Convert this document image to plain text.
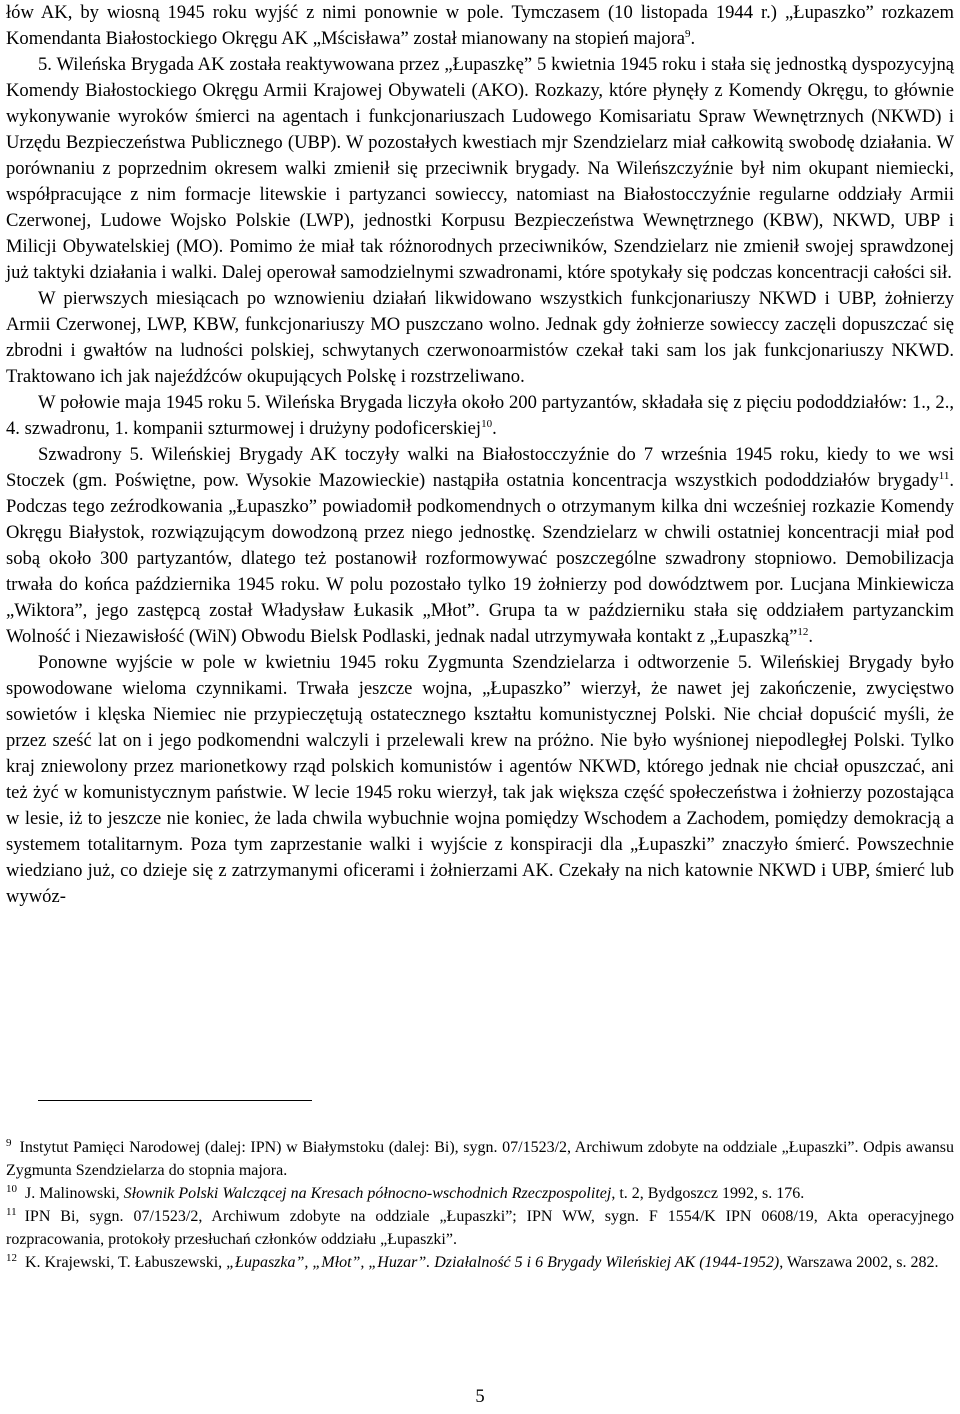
łów AK, by wiosną 1945 roku wyjść z nimi ponownie w pole. Tymczasem (10 listopada 1944 r.) „Łupaszko” rozkazem Komendanta Białostockiego Okręgu AK „Mścisława” został mianowany na stopień majora$^9$.

5. Wileńska Brygada AK została reaktywowana przez „Łupaszkę” 5 kwietnia 1945 roku i stała się jednostką dyspozycyjną Komendy Białostockiego Okręgu Armii Krajowej Obywateli (AKO). Rozkazy, które płynęły z Komendy Okręgu, to głównie wykonywanie wyroków śmierci na agentach i funkcjonariuszach Ludowego Komisariatu Spraw Wewnętrznych (NKWD) i Urzędu Bezpieczeństwa Publicznego (UBP). W pozostałych kwestiach mjr Szendzielarz miał całkowitą swobodę działania. W porównaniu z poprzednim okresem walki zmienił się przeciwnik brygady. Na Wileńszczyźnie był nim okupant niemiecki, współpracujące z nim formacje litewskie i partyzanci sowieccy, natomiast na Białostocczyźnie regularne oddziały Armii Czerwonej, Ludowe Wojsko Polskie (LWP), jednostki Korpusu Bezpieczeństwa Wewnętrznego (KBW), NKWD, UBP i Milicji Obywatelskiej (MO). Pomimo że miał tak różnorodnych przeciwników, Szendzielarz nie zmienił swojej sprawdzonej już taktyki działania i walki. Dalej operował samodzielnymi szwadronami, które spotykały się podczas koncentracji całości sił.

W pierwszych miesiącach po wznowieniu działań likwidowano wszystkich funkcjonariuszy NKWD i UBP, żołnierzy Armii Czerwonej, LWP, KBW, funkcjonariuszy MO puszczano wolno. Jednak gdy żołnierze sowieccy zaczęli dopuszczać się zbrodni i gwałtów na ludności polskiej, schwytanych czerwonoarmistów czekał taki sam los jak funkcjonariuszy NKWD. Traktowano ich jak najeźdźców okupujących Polskę i rozstrzeliwano.

W połowie maja 1945 roku 5. Wileńska Brygada liczyła około 200 partyzantów, składała się z pięciu pododdziałów: 1., 2., 4. szwadronu, 1. kompanii szturmowej i drużyny podoficerskiej$^{10}$.

Szwadrony 5. Wileńskiej Brygady AK toczyły walki na Białostocczyźnie do 7 września 1945 roku, kiedy to we wsi Stoczek (gm. Poświętne, pow. Wysokie Mazowieckie) nastąpiła ostatnia koncentracja wszystkich pododdziałów brygady$^{11}$. Podczas tego zeźrodkowania „Łupaszko” powiadomił podkomendnych o otrzymanym kilka dni wcześniej rozkazie Komendy Okręgu Białystok, rozwiązującym dowodzoną przez niego jednostkę. Szendzielarz w chwili ostatniej koncentracji miał pod sobą około 300 partyzantów, dlatego też postanowił rozformowywać poszczególne szwadrony stopniowo. Demobilizacja trwała do końca października 1945 roku. W polu pozostało tylko 19 żołnierzy pod dowództwem por. Lucjana Minkiewicza „Wiktora”, jego zastępcą został Władysław Łukasik „Młot”. Grupa ta w październiku stała się oddziałem partyzanckim Wolność i Niezawisłość (WiN) Obwodu Bielsk Podlaski, jednak nadal utrzymywała kontakt z „Łupaszką”$^{12}$.

Ponowne wyjście w pole w kwietniu 1945 roku Zygmunta Szendzielarza i odtworzenie 5. Wileńskiej Brygady było spowodowane wieloma czynnikami. Trwała jeszcze wojna, „Łupaszko” wierzył, że nawet jej zakończenie, zwycięstwo sowietów i klęska Niemiec nie przypieczętują ostatecznego kształtu komunistycznej Polski. Nie chciał dopuścić myśli, że przez sześć lat on i jego podkomendni walczyli i przelewali krew na próżno. Nie było wyśnionej niepodległej Polski. Tylko kraj zniewolony przez marionetkowy rząd polskich komunistów i agentów NKWD, którego jednak nie chciał opuszczać, ani też żyć w komunistycznym państwie. W lecie 1945 roku wierzył, tak jak większa część społeczeństwa i żołnierzy pozostająca w lesie, iż to jeszcze nie koniec, że lada chwila wybuchnie wojna pomiędzy Wschodem a Zachodem, pomiędzy demokracją a systemem totalitarnym. Poza tym zaprzestanie walki i wyjście z konspiracji dla „Łupaszki” znaczyło śmierć. Powszechnie wiedziano już, co dzieje się z zatrzymanymi oficerami i żołnierzami AK. Czekały na nich katownie NKWD i UBP, śmierć lub wywóz-

$^9$ Instytut Pamięci Narodowej (dalej: IPN) w Białymstoku (dalej: Bi), sygn. 07/1523/2, Archiwum zdobyte na oddziale „Łupaszki”. Odpis awansu Zygmunta Szendzielarza do stopnia majora.

$^{10}$ J. Malinowski, Słownik Polski Walczącej na Kresach północno-wschodnich Rzeczpospolitej, t. 2, Bydgoszcz 1992, s. 176.

$^{11}$ IPN Bi, sygn. 07/1523/2, Archiwum zdobyte na oddziale „Łupaszki”; IPN WW, sygn. F 1554/K IPN 0608/19, Akta operacyjnego rozpracowania, protokoły przesłuchań członków oddziału „Łupaszki”.

$^{12}$ K. Krajewski, T. Łabuszewski, „Łupaszka”, „Młot”, „Huzar”. Działalność 5 i 6 Brygady Wileńskiej AK (1944-1952), Warszawa 2002, s. 282.

5
